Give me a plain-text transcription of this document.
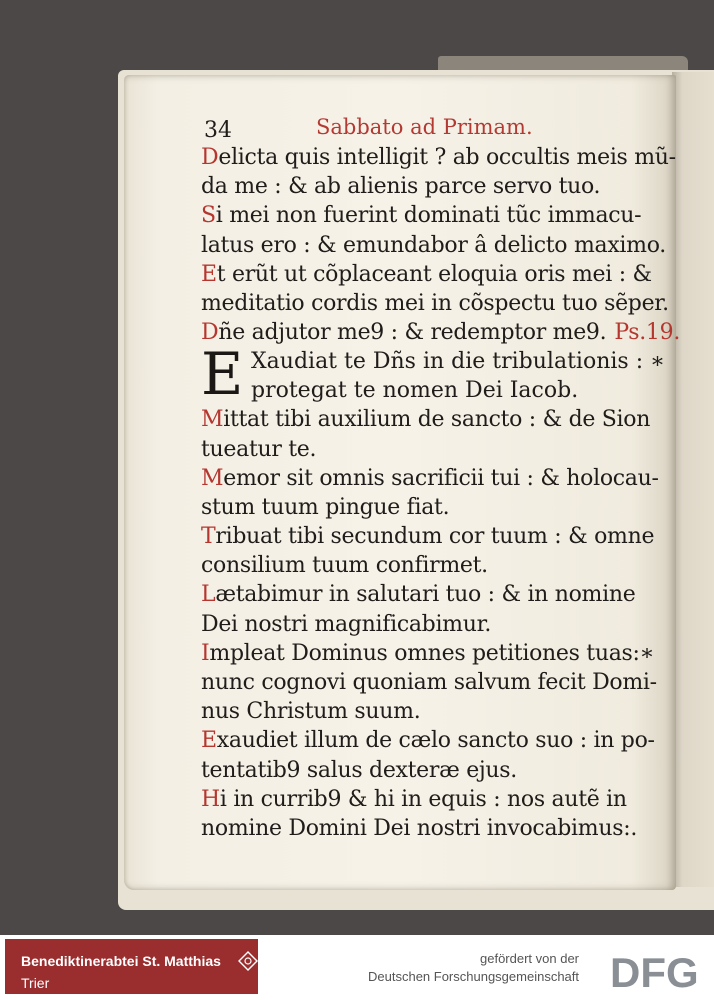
34	Sabbato ad Primam.
Delicta quis intelligit ? ab occultis meis mũ-
da me : & ab alienis parce servo tuo.
Si mei non fuerint dominati tũc immacu-
latus ero : & emundabor â delicto maximo.
Et erũt ut cõplaceant eloquia oris mei : &
meditatio cordis mei in cõspectu tuo sẽper.
Dñe adjutor me9 : & redemptor me9. Ps.19.
E Xaudiat te Dñs in die tribulationis : ∗
protegat te nomen Dei Iacob.
Mittat tibi auxilium de sancto : & de Sion
tueatur te.
Memor sit omnis sacrificii tui : & holocau-
stum tuum pingue fiat.
Tribuat tibi secundum cor tuum : & omne
consilium tuum confirmet.
Lætabimur in salutari tuo : & in nomine
Dei nostri magnificabimur.
Impleat Dominus omnes petitiones tuas:∗
nunc cognovi quoniam salvum fecit Domi-
nus Christum suum.
Exaudiet illum de cælo sancto suo : in po-
tentatib9 salus dexteræ ejus.
Hi in currib9 & hi in equis : nos autẽ in
nomine Domini Dei nostri invocabimus:.
Benediktinerabtei St. Matthias
Trier
gefördert von der
Deutschen Forschungsgemeinschaft DFG
